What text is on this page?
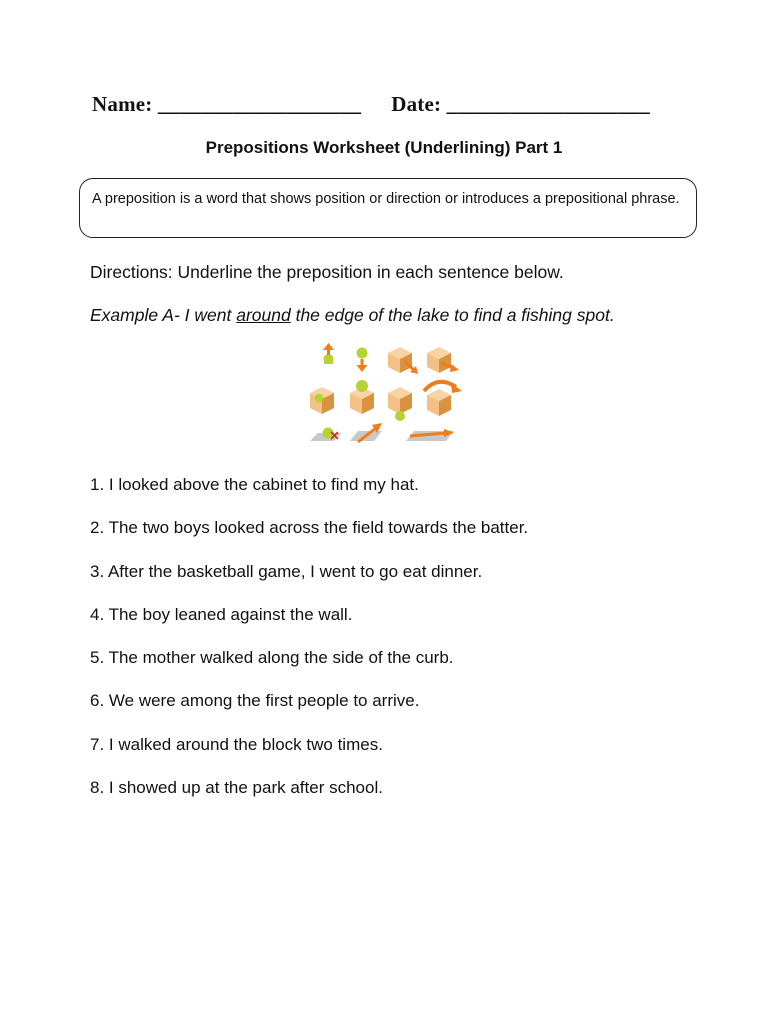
Name: ___________________ Date: ___________________
Prepositions Worksheet (Underlining) Part 1
A preposition is a word that shows position or direction or introduces a prepositional phrase.
Directions: Underline the preposition in each sentence below.
Example A- I went around the edge of the lake to find a fishing spot.
1. I looked above the cabinet to find my hat.
2. The two boys looked across the field towards the batter.
3. After the basketball game, I went to go eat dinner.
4. The boy leaned against the wall.
5. The mother walked along the side of the curb.
6. We were among the first people to arrive.
7. I walked around the block two times.
8. I showed up at the park after school.
